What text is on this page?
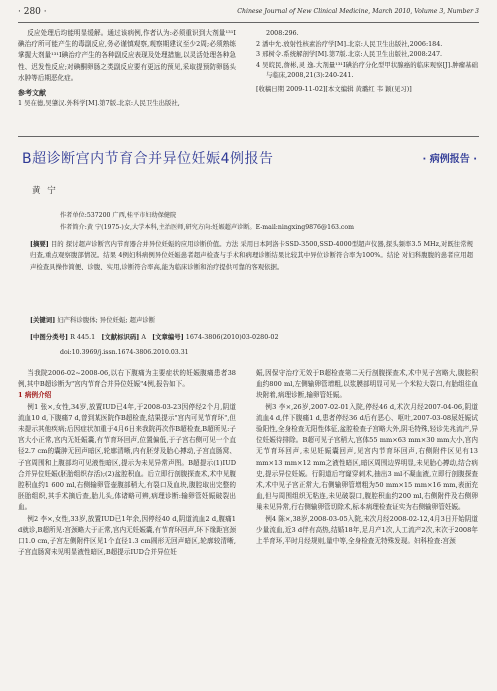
· 280 ·	Chinese Journal of New Clinical Medicine, March 2010, Volume 3, Number 3

反应处理后均能明显缓解。通过该病例,作者认为:必须重识到大剂量¹³¹I碘治疗所可能产生的毒副反应,务必谨慎观察,观察期建议至少2周;必须熟练掌握大剂量¹³¹I碘治疗产生的各种副反应表现及处理措施,以灵活处理各种急性、迟发性反应;对碘酮卵肠之类副反应要有更远的预见,采取提预防卵肠头水肿等后期恶化症。

参考文献
1 吴在德,吴肇汉.外科学[M].第7版.北京:人民卫生出版社,
2008:296.
2 潘中允.放射性核素治疗学[M].北京:人民卫生出版社,2006:184.
3 邢树令.系统解剖学[M].第7版.北京:人民卫生出版社,2008:247.
4 吴皖民,詹彬,灵 逸.大剂量¹³¹I碘治疗分化型甲状腺癌的临床观察[J].肿瘤基础与临床,2008,21(3):240-241.
[收稿日期 2009-11-02][本文编辑 黄璐红 韦 颖(见习)]
B超诊断宫内节育合并异位妊娠4例报告	· 病例报告 ·
黄 宁
作者单位:537200 广西,桂平市妇幼保健院
作者简介:黄 宁(1975-)女,大学本科,主治医师,研究方向:妊娠超声诊断。E-mail:ningxing9876@163.com
[摘要] 目的 探讨超声诊断宫内节育器合并异位妊娠的应用诊断价值。方法 采用日本阿洛卡SSD-3500,SSD-4000型超声仪器,探头频率3.5 MHz,对既往常规归查,重点观察腹部情况。结果 4例妇科病例异位妊娠患者超声检查与手术和病理诊断结果比较其中异位诊断符合率为100%。结论 对妇科腹腹的患者应用超声检查具操作简便、诊腹、实用,诊断符合率高,能为临床诊断和治疗提供可靠的客观依据。
[关键词] 妇产科诊腹体; 异位妊娠; 超声诊断
[中图分类号] R 445.1 [文献标识码] A [文章编号] 1674-3806(2010)03-0280-02
doi:10.3969/j.issn.1674-3806.2010.03.31

当我院2006-02~2008-06,以右下腹痛为主要症状的妊娠腹痛患者38例,其中B超诊断为"宫内节育合并异位妊娠"4例,报告如下。

1 病例介绍

例1 张×,女性,34岁,放置IUD已4年,于2008-03-23因停经2个月,阴道流血10 d,下腹痛7 d,曾到某医院作B超检查,结果提示"宫内可见节育环",但未提示其他疾病;后因症状加重于4月6日来我院再次作B超检查,B超所见:子宫大小正常,宫内无妊娠囊,有节育环回声,位置偏低,于子宫右侧可见一个直径2.7 cm的囊肿无回声暗区,轮廓清晰,内有胚芽及胎心搏动,子宫直肠窝、子宫周围和上腹部均可见液性暗区,提示为未见异常声图。B超提示(1)IUD合并异位妊娠(胚胎组织存活);(2)盆腔积血。后立即行剖腹探查术,术中见腹腔积血约1 600 ml,右侧输卵管壶腹部稍大,有裂口及血块,腹腔取出完整的胚胎组织,其手术摘后查,胎儿头,体诸略可辨,病理诊断:输卵管妊娠破裂出血。

例2 李×,女性,33岁,放置IUD已1年余,因停经40 d,阴道流血2 d,腹痛1 d就诊,B超所见:宫颈略大于正常,宫内无妊娠囊,有节育环回声,环下缘距宫颈口1.0 cm,子宫左侧附件区见1个直径1.3 cm圆形无回声暗区,轮廓较清晰,子宫直肠窝未见明显液性暗区,B超提示IUD合并异位妊

娠,因保守治疗无效于B超检查第二天行剖腹探查术,术中见子宫略大,腹腔积血约800 ml,左侧输卵管增粗,以浆膜部明显可见一个米粒大裂口,有胎组往血块附着,病理诊断,输卵管妊娠。

例3 李×,26岁,2007-02-01入院,停经46 d,术次月经2007-04-06,阴道流血4 d,伴下腹痛1 d,患者停经36 d后有恶心、呕吐,2007-03-08尿妊娠试验阳性,全身检查无阳性体征,盆腔检查子宫略大外,阴毛特殊,轻诊先兆流产,异位妊娠待排除。B超可见子宫稍大,宫体55 mm×63 mm×30 mm大小,宫内无节育环回声,未见妊娠囊回声,见宫内节育环回声,右侧附件区见有13 mm×13 mm×12 mm之液性暗区,暗区周围边界明显,未见胎心搏动,结合病史,提示异位妊娠。行阴道后穹窿穿刺术,抽出3 ml不凝血液,立即行剖腹探查术,术中见子宫正常大,右侧输卵管增粗为50 mm×15 mm×16 mm,表面充血,但与周围组织无粘连,未见破裂口,腹腔积血约200 ml,右侧附件及右侧卵巢未见异常,行右侧输卵管切除术,标本病理检查证实为右侧输卵管妊娠。

例4 陈×,38岁,2008-03-05入院,末次月经2008-02-12,4月3日开始阴道少量流血,近3 d伴有高热,结婚18年,足月产1次,人工流产2次,末次于2008年上半育环,平时月经规则,量中等,全身检查无特殊发现。妇科检查:宫颈
